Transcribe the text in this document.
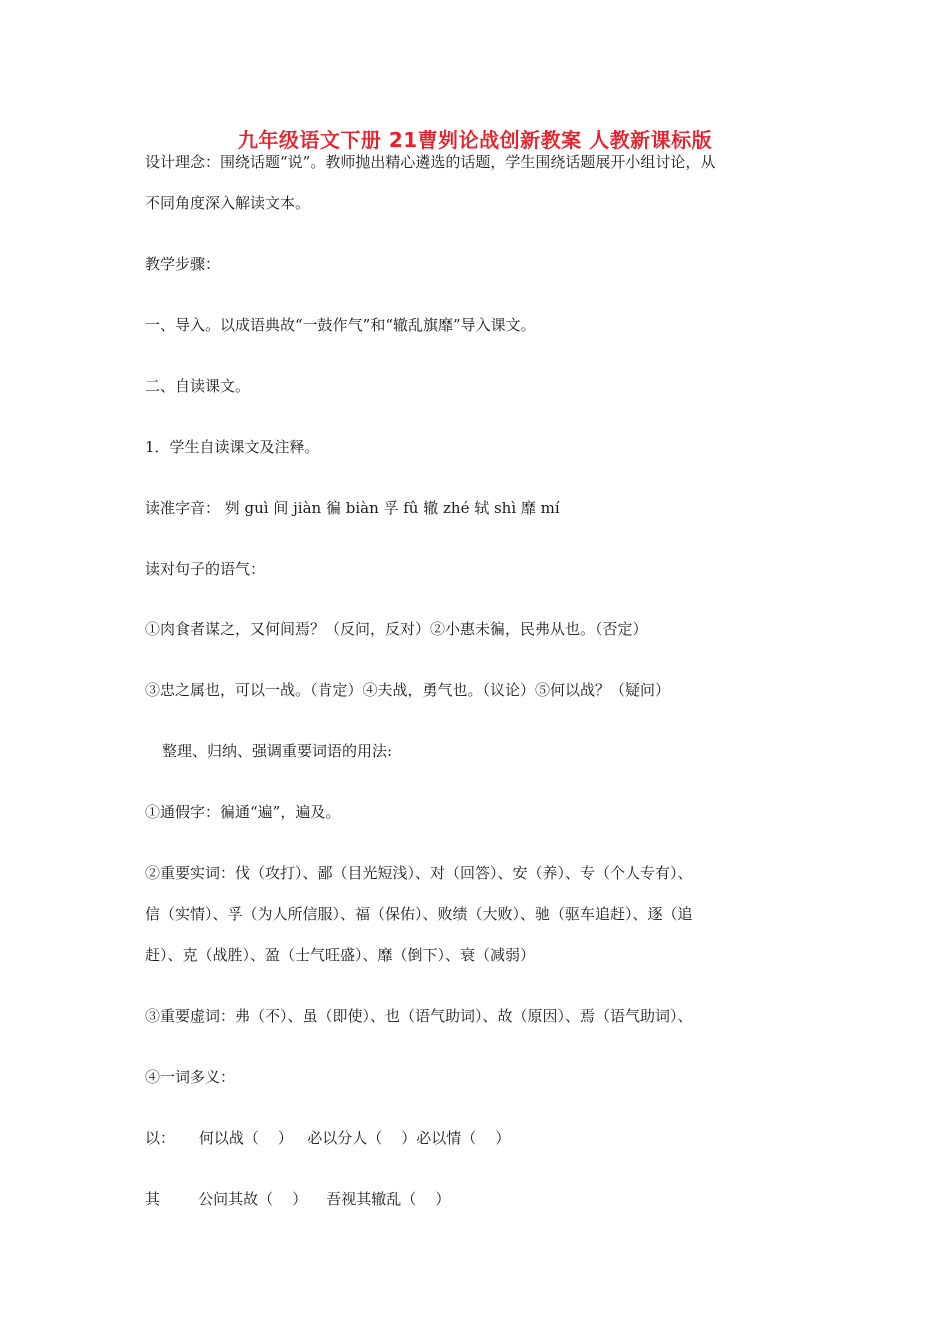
九年级语文下册 21曹刿论战创新教案 人教新课标版
设计理念：围绕话题“说”。教师抛出精心遴选的话题，学生围绕话题展开小组讨论，从
不同角度深入解读文本。
教学步骤：
一、导入。以成语典故“一鼓作气”和“辙乱旗靡”导入课文。
二、自读课文。
1．学生自读课文及注释。
读准字音： 刿 guì 间 jiàn 徧 biàn 孚 fû 辙 zhé 轼 shì 靡 mí
读对句子的语气：
①肉食者谋之，又何间焉？（反问，反对）②小惠未徧，民弗从也。（否定）
③忠之属也，可以一战。（肯定）④夫战，勇气也。（议论）⑤何以战？（疑问）
整理、归纳、强调重要词语的用法:
①通假字：徧通“遍”，遍及。
②重要实词：伐（攻打）、鄙（目光短浅）、对（回答）、安（养）、专（个人专有）、
信（实情）、孚（为人所信服）、福（保佑）、败绩（大败）、驰（驱车追赶）、逐（追
赶）、克（战胜）、盈（士气旺盛）、靡（倒下）、衰（减弱）
③重要虚词：弗（不）、虽（即使）、也（语气助词）、故（原因）、焉（语气助词）、
④一词多义：
以：     何以战（    ）   必以分人（    ）必以情（    ）
其        公问其故（    ）    吾视其辙乱（    ）
